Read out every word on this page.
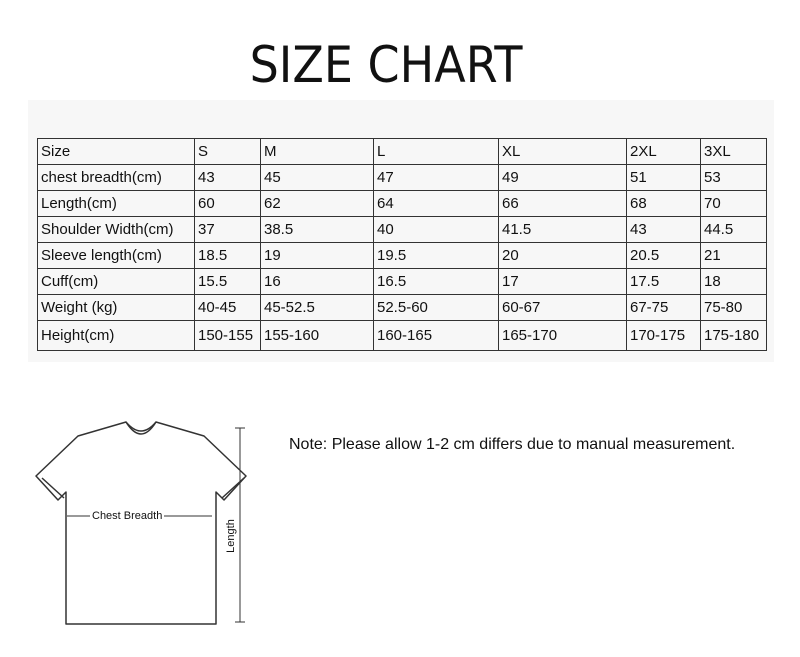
SIZE CHART
Size	S	M	L	XL	2XL	3XL
chest breadth(cm)	43	45	47	49	51	53
Length(cm)	60	62	64	66	68	70
Shoulder Width(cm)	37	38.5	40	41.5	43	44.5
Sleeve length(cm)	18.5	19	19.5	20	20.5	21
Cuff(cm)	15.5	16	16.5	17	17.5	18
Weight (kg)	40-45	45-52.5	52.5-60	60-67	67-75	75-80
Height(cm)	150-155	155-160	160-165	165-170	170-175	175-180
Chest Breadth
Length
Note: Please allow 1-2 cm differs due to manual measurement.
